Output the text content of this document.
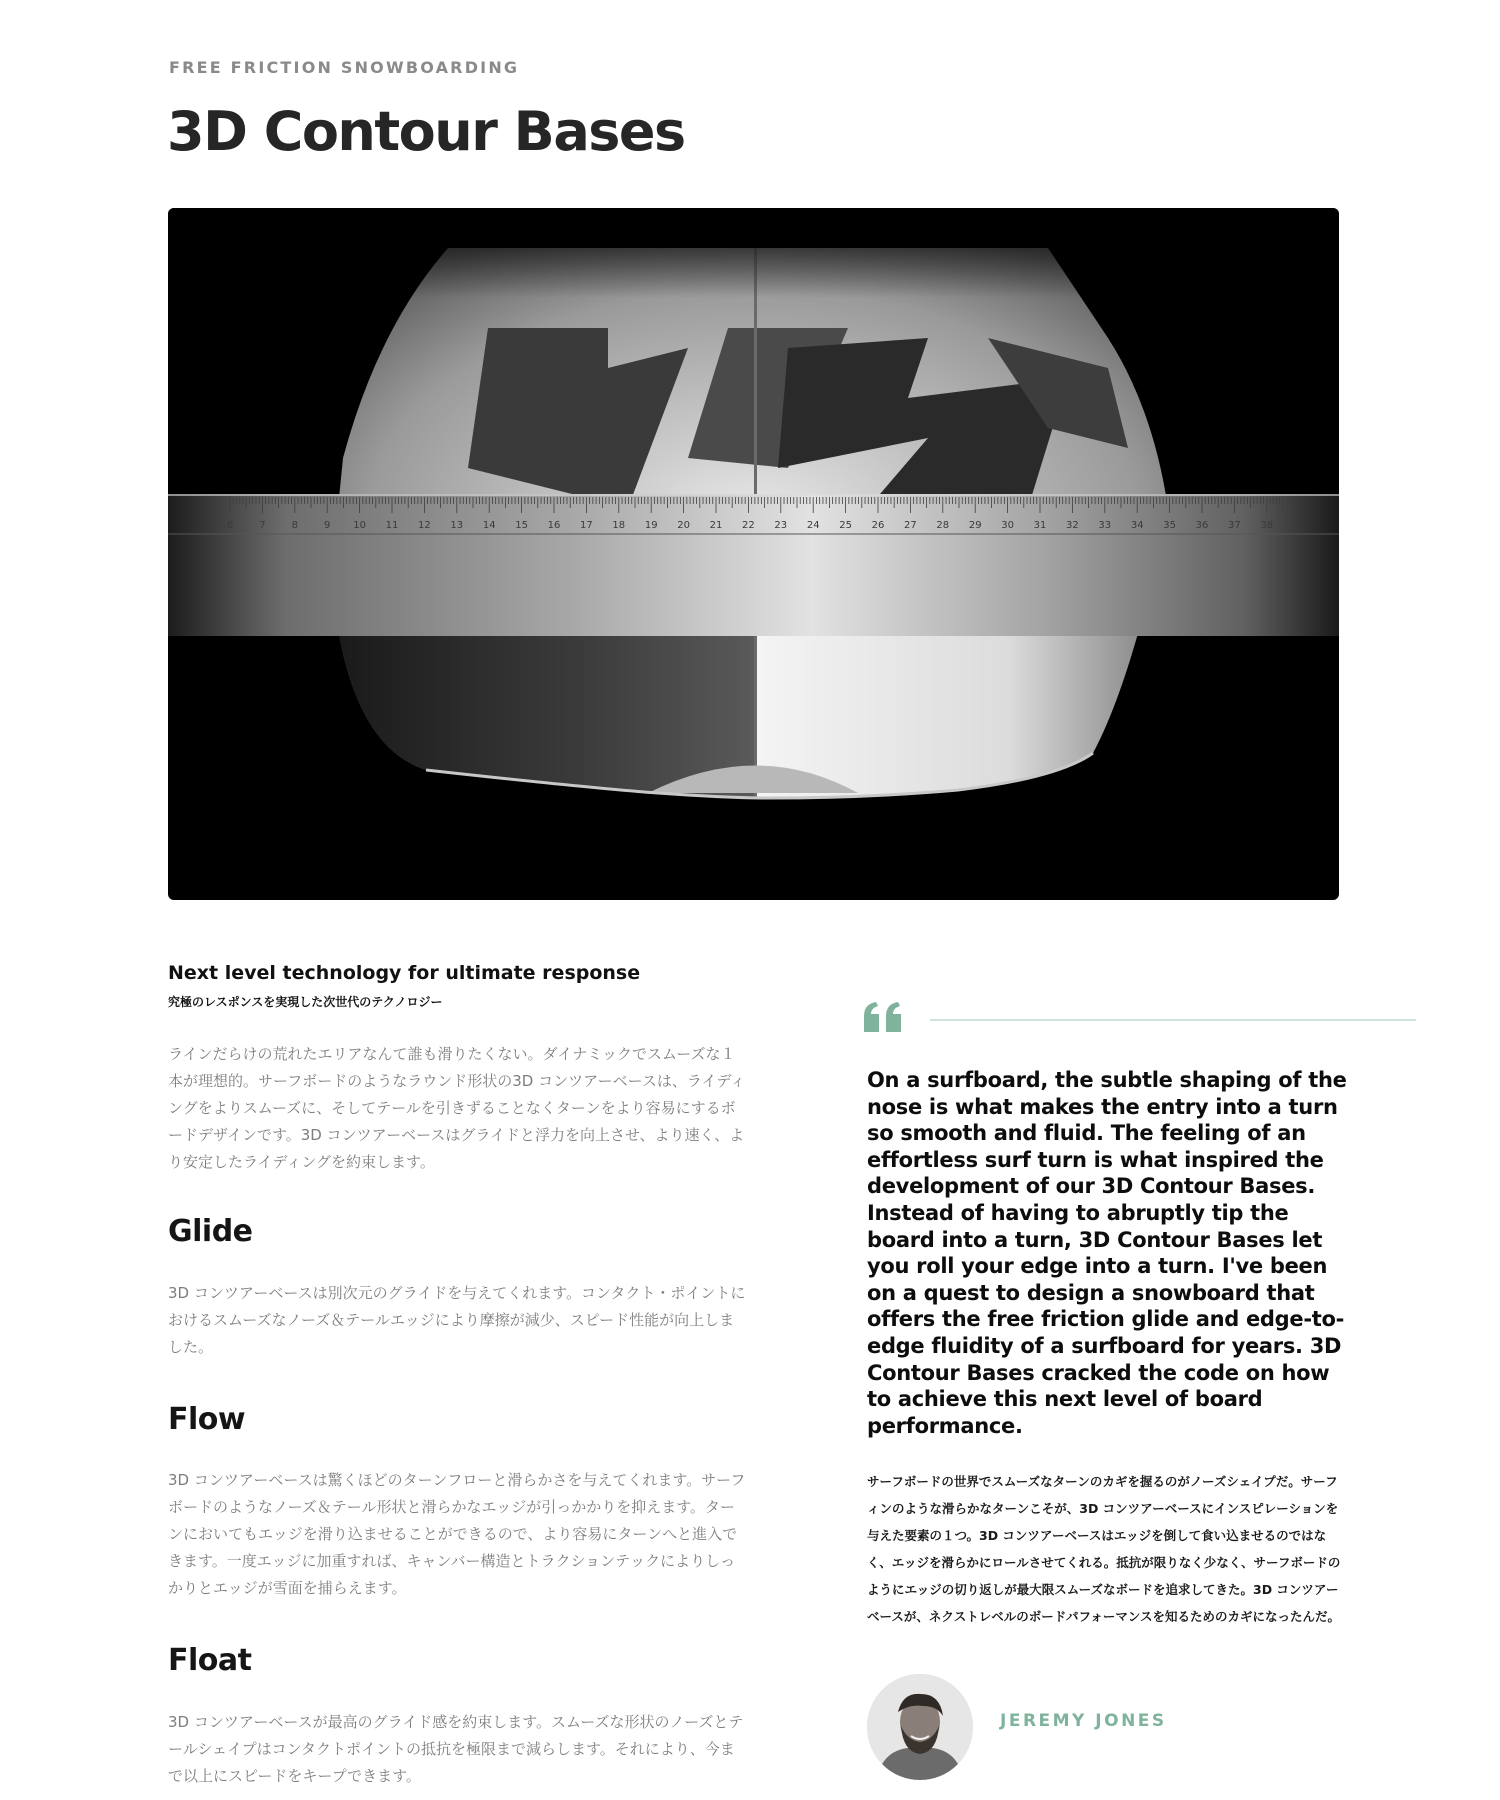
FREE FRICTION SNOWBOARDING
3D Contour Bases
6	7	8	9 10 11 12 13 14 15 16 17 18 19 20 21 22 23 24 25 26 27 28 29 30 31 32 33 34 35 36 37 38
Next level technology for ultimate response
究極のレスポンスを実現した次世代のテクノロジー

ラインだらけの荒れたエリアなんて誰も滑りたくない。ダイナミックでスムーズな１本が理想的。サーフボードのようなラウンド形状の3D コンツアーベースは、ライディングをよりスムーズに、そしてテールを引きずることなくターンをより容易にするボードデザインです。3D コンツアーベースはグライドと浮力を向上させ、より速く、より安定したライディングを約束します。

Glide

3D コンツアーベースは別次元のグライドを与えてくれます。コンタクト・ポイントにおけるスムーズなノーズ＆テールエッジにより摩擦が減少、スピード性能が向上しました。

Flow

3D コンツアーベースは驚くほどのターンフローと滑らかさを与えてくれます。サーフボードのようなノーズ＆テール形状と滑らかなエッジが引っかかりを抑えます。ターンにおいてもエッジを滑り込ませることができるので、より容易にターンへと進入できます。一度エッジに加重すれば、キャンバー構造とトラクションテックによりしっかりとエッジが雪面を捕らえます。

Float

3D コンツアーベースが最高のグライド感を約束します。スムーズな形状のノーズとテールシェイプはコンタクトポイントの抵抗を極限まで減らします。それにより、今まで以上にスピードをキープできます。

On a surfboard, the subtle shaping of the nose is what makes the entry into a turn so smooth and fluid. The feeling of an effortless surf turn is what inspired the development of our 3D Contour Bases. Instead of having to abruptly tip the board into a turn, 3D Contour Bases let you roll your edge into a turn. I've been on a quest to design a snowboard that offers the free friction glide and edge-to-edge fluidity of a surfboard for years. 3D Contour Bases cracked the code on how to achieve this next level of board performance.

サーフボードの世界でスムーズなターンのカギを握るのがノーズシェイプだ。サーフィンのような滑らかなターンこそが、3D コンツアーベースにインスピレーションを与えた要素の１つ。3D コンツアーベースはエッジを倒して食い込ませるのではなく、エッジを滑らかにロールさせてくれる。抵抗が限りなく少なく、サーフボードのようにエッジの切り返しが最大限スムーズなボードを追求してきた。3D コンツアーベースが、ネクストレベルのボードパフォーマンスを知るためのカギになったんだ。

JEREMY JONES
